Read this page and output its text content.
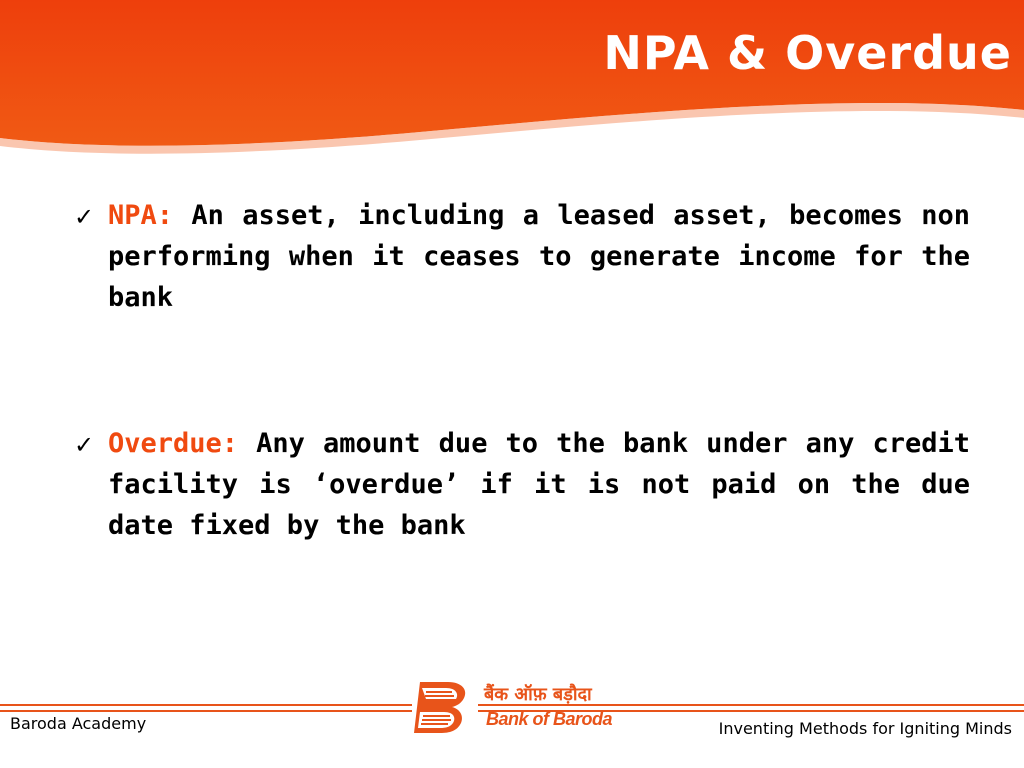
NPA & Overdue
✓ NPA: An asset, including a leased asset, becomes non performing when it ceases to generate income for the bank
✓ Overdue: Any amount due to the bank under any credit facility is ‘overdue’ if it is not paid on the due date fixed by the bank
Baroda Academy
बैंक ऑफ़ बड़ौदा
Bank of Baroda	Inventing Methods for Igniting Minds
